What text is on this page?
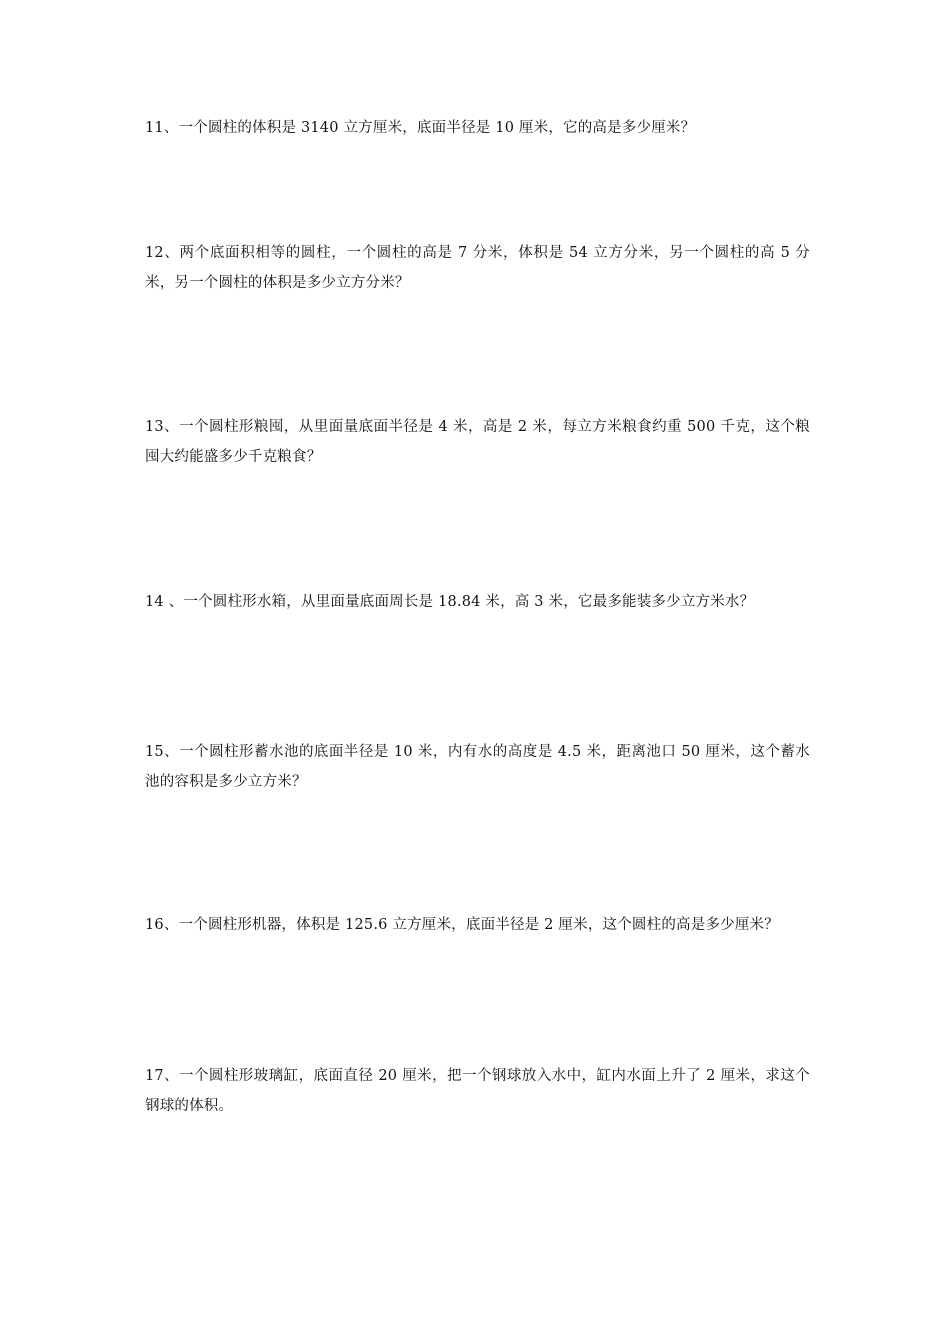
11、一个圆柱的体积是 3140 立方厘米，底面半径是 10 厘米，它的高是多少厘米？

12、两个底面积相等的圆柱，一个圆柱的高是 7 分米，体积是 54 立方分米，另一个圆柱的高 5 分米，另一个圆柱的体积是多少立方分米？

13、一个圆柱形粮囤，从里面量底面半径是 4 米，高是 2 米，每立方米粮食约重 500 千克，这个粮囤大约能盛多少千克粮食？

14 、一个圆柱形水箱，从里面量底面周长是 18.84 米，高 3 米，它最多能装多少立方米水？

15、一个圆柱形蓄水池的底面半径是 10 米，内有水的高度是 4.5 米，距离池口 50 厘米，这个蓄水池的容积是多少立方米？

16、一个圆柱形机器，体积是 125.6 立方厘米，底面半径是 2 厘米，这个圆柱的高是多少厘米？

17、一个圆柱形玻璃缸，底面直径 20 厘米，把一个钢球放入水中，缸内水面上升了 2 厘米，求这个钢球的体积。
